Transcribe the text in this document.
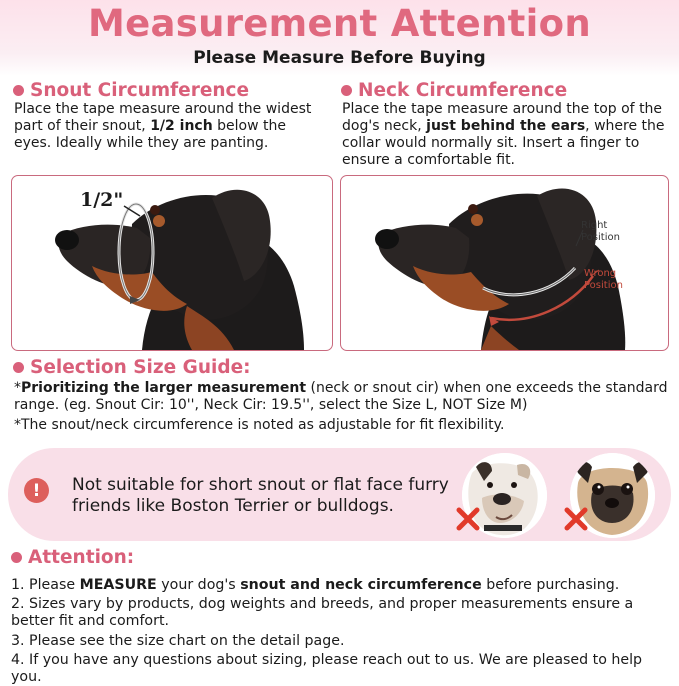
Measurement Attention
Please Measure Before Buying
Snout Circumference
Place the tape measure around the widest part of their snout, 1/2 inch below the eyes. Ideally while they are panting.
Neck Circumference
Place the tape measure around the top of the dog's neck, just behind the ears, where the collar would normally sit. Insert a finger to ensure a comfortable fit.
1/2"
Right
Position
Wrong
Position
Selection Size Guide:
*Prioritizing the larger measurement (neck or snout cir) when one exceeds the standard range. (eg. Snout Cir: 10'', Neck Cir: 19.5'', select the Size L, NOT Size M)
*The snout/neck circumference is noted as adjustable for fit flexibility.
!	Not suitable for short snout or flat face furry friends like Boston Terrier or bulldogs.
Attention:
1. Please MEASURE your dog's snout and neck circumference before purchasing.
2. Sizes vary by products, dog weights and breeds, and proper measurements ensure a better fit and comfort.
3. Please see the size chart on the detail page.
4. If you have any questions about sizing, please reach out to us. We are pleased to help you.
